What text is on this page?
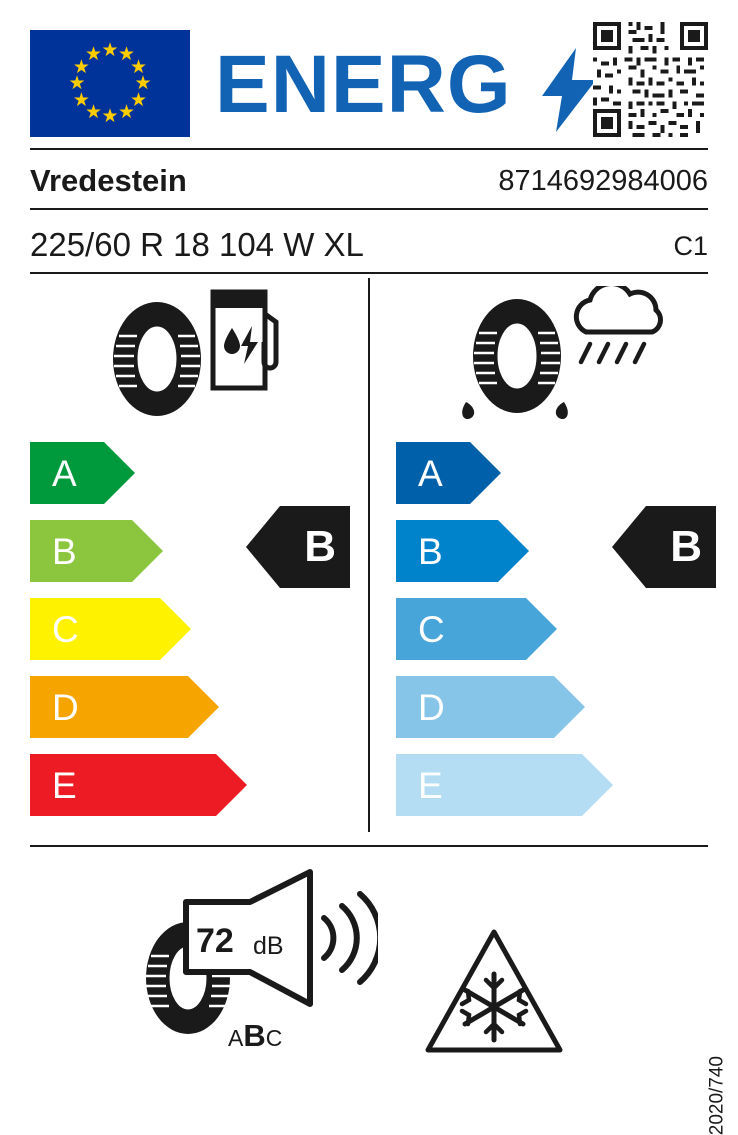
★ ★
★
★
★
★
★
★
★
★
★
★ ENERG
Vredestein	8714692984006
225/60 R 18 104 W XL	C1
A
B
C
D
E
B
A
B
C
D
E
B
72 dB
ABC
2020/740
